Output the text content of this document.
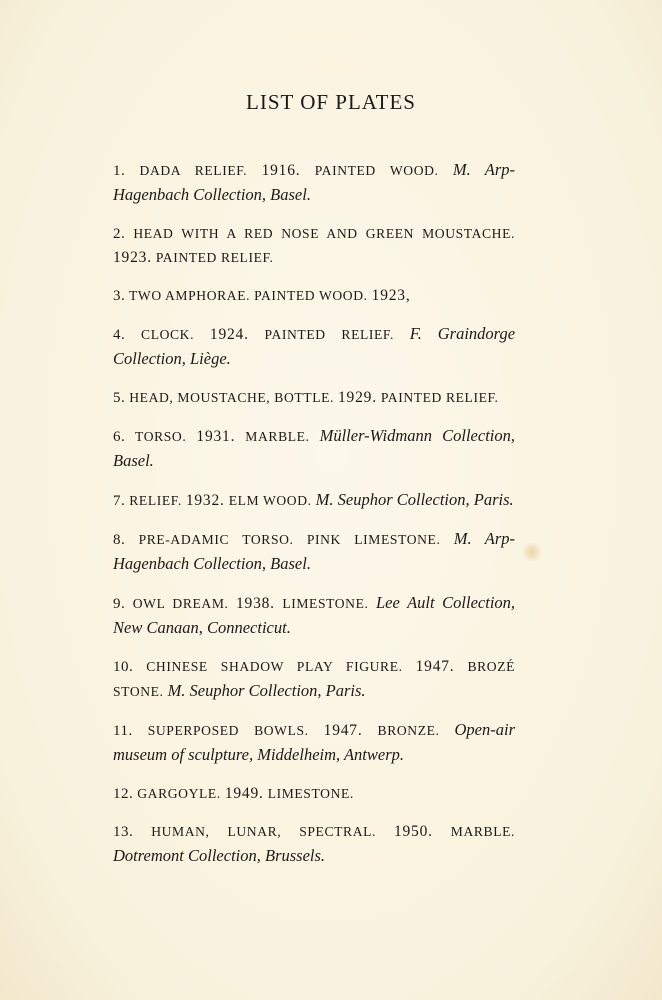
LIST OF PLATES
1. DADA RELIEF. 1916. PAINTED WOOD. M. Arp-Hagenbach Collection, Basel.
2. HEAD WITH A RED NOSE AND GREEN MOUSTACHE. 1923. PAINTED RELIEF.
3. TWO AMPHORAE. PAINTED WOOD. 1923,
4. CLOCK. 1924. PAINTED RELIEF. F. Graindorge Collection, Liège.
5. HEAD, MOUSTACHE, BOTTLE. 1929. PAINTED RELIEF.
6. TORSO. 1931. MARBLE. Müller-Widmann Collection, Basel.
7. RELIEF. 1932. ELM WOOD. M. Seuphor Collection, Paris.
8. PRE-ADAMIC TORSO. PINK LIMESTONE. M. Arp-Hagenbach Collection, Basel.
9. OWL DREAM. 1938. LIMESTONE. Lee Ault Collection, New Canaan, Connecticut.
10. CHINESE SHADOW PLAY FIGURE. 1947. BROZÉ STONE. M. Seuphor Collection, Paris.
11. SUPERPOSED BOWLS. 1947. BRONZE. Open-air museum of sculpture, Middelheim, Antwerp.
12. GARGOYLE. 1949. LIMESTONE.
13. HUMAN, LUNAR, SPECTRAL. 1950. MARBLE. Dotremont Collection, Brussels.
